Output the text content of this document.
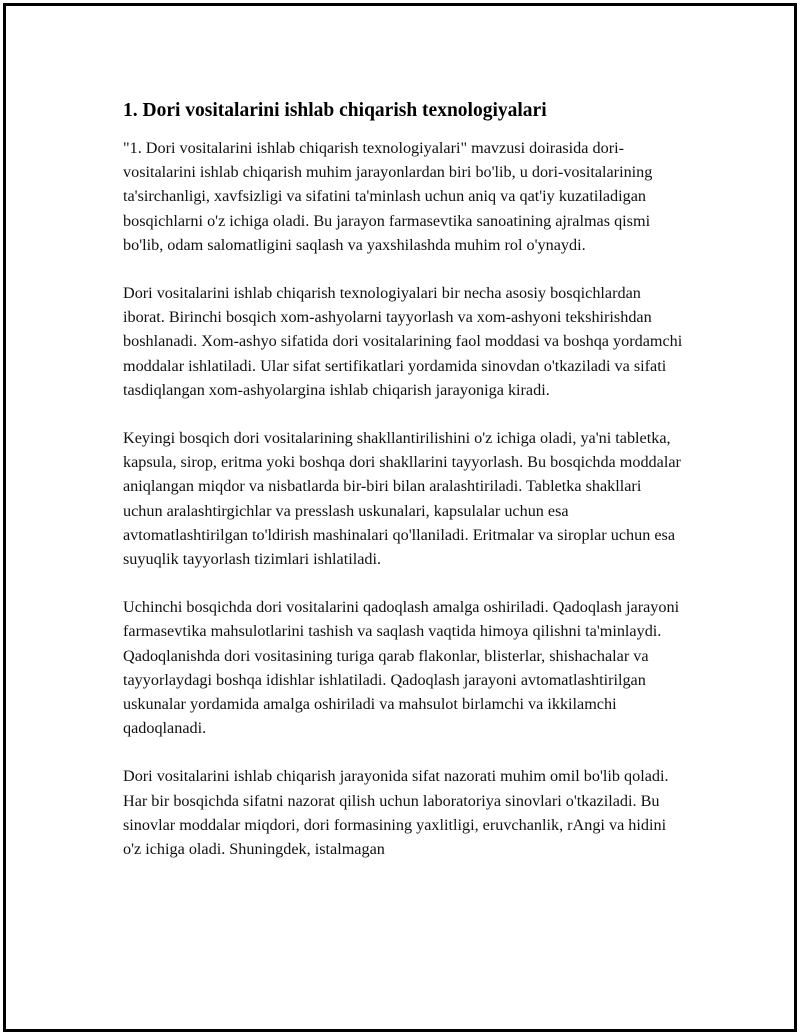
1. Dori vositalarini ishlab chiqarish texnologiyalari

"1. Dori vositalarini ishlab chiqarish texnologiyalari" mavzusi doirasida dori-vositalarini ishlab chiqarish muhim jarayonlardan biri bo'lib, u dori-vositalarining ta'sirchanligi, xavfsizligi va sifatini ta'minlash uchun aniq va qat'iy kuzatiladigan bosqichlarni o'z ichiga oladi. Bu jarayon farmasevtika sanoatining ajralmas qismi bo'lib, odam salomatligini saqlash va yaxshilashda muhim rol o'ynaydi.

Dori vositalarini ishlab chiqarish texnologiyalari bir necha asosiy bosqichlardan iborat. Birinchi bosqich xom-ashyolarni tayyorlash va xom-ashyoni tekshirishdan boshlanadi. Xom-ashyo sifatida dori vositalarining faol moddasi va boshqa yordamchi moddalar ishlatiladi. Ular sifat sertifikatlari yordamida sinovdan o'tkaziladi va sifati tasdiqlangan xom-ashyolargina ishlab chiqarish jarayoniga kiradi.

Keyingi bosqich dori vositalarining shakllantirilishini o'z ichiga oladi, ya'ni tabletka, kapsula, sirop, eritma yoki boshqa dori shakllarini tayyorlash. Bu bosqichda moddalar aniqlangan miqdor va nisbatlarda bir-biri bilan aralashtiriladi. Tabletka shakllari uchun aralashtirgichlar va presslash uskunalari, kapsulalar uchun esa avtomatlashtirilgan to'ldirish mashinalari qo'llaniladi. Eritmalar va siroplar uchun esa suyuqlik tayyorlash tizimlari ishlatiladi.

Uchinchi bosqichda dori vositalarini qadoqlash amalga oshiriladi. Qadoqlash jarayoni farmasevtika mahsulotlarini tashish va saqlash vaqtida himoya qilishni ta'minlaydi. Qadoqlanishda dori vositasining turiga qarab flakonlar, blisterlar, shishachalar va tayyorlaydagi boshqa idishlar ishlatiladi. Qadoqlash jarayoni avtomatlashtirilgan uskunalar yordamida amalga oshiriladi va mahsulot birlamchi va ikkilamchi qadoqlanadi.

Dori vositalarini ishlab chiqarish jarayonida sifat nazorati muhim omil bo'lib qoladi. Har bir bosqichda sifatni nazorat qilish uchun laboratoriya sinovlari o'tkaziladi. Bu sinovlar moddalar miqdori, dori formasining yaxlitligi, eruvchanlik, rAngi va hidini o'z ichiga oladi. Shuningdek, istalmagan
